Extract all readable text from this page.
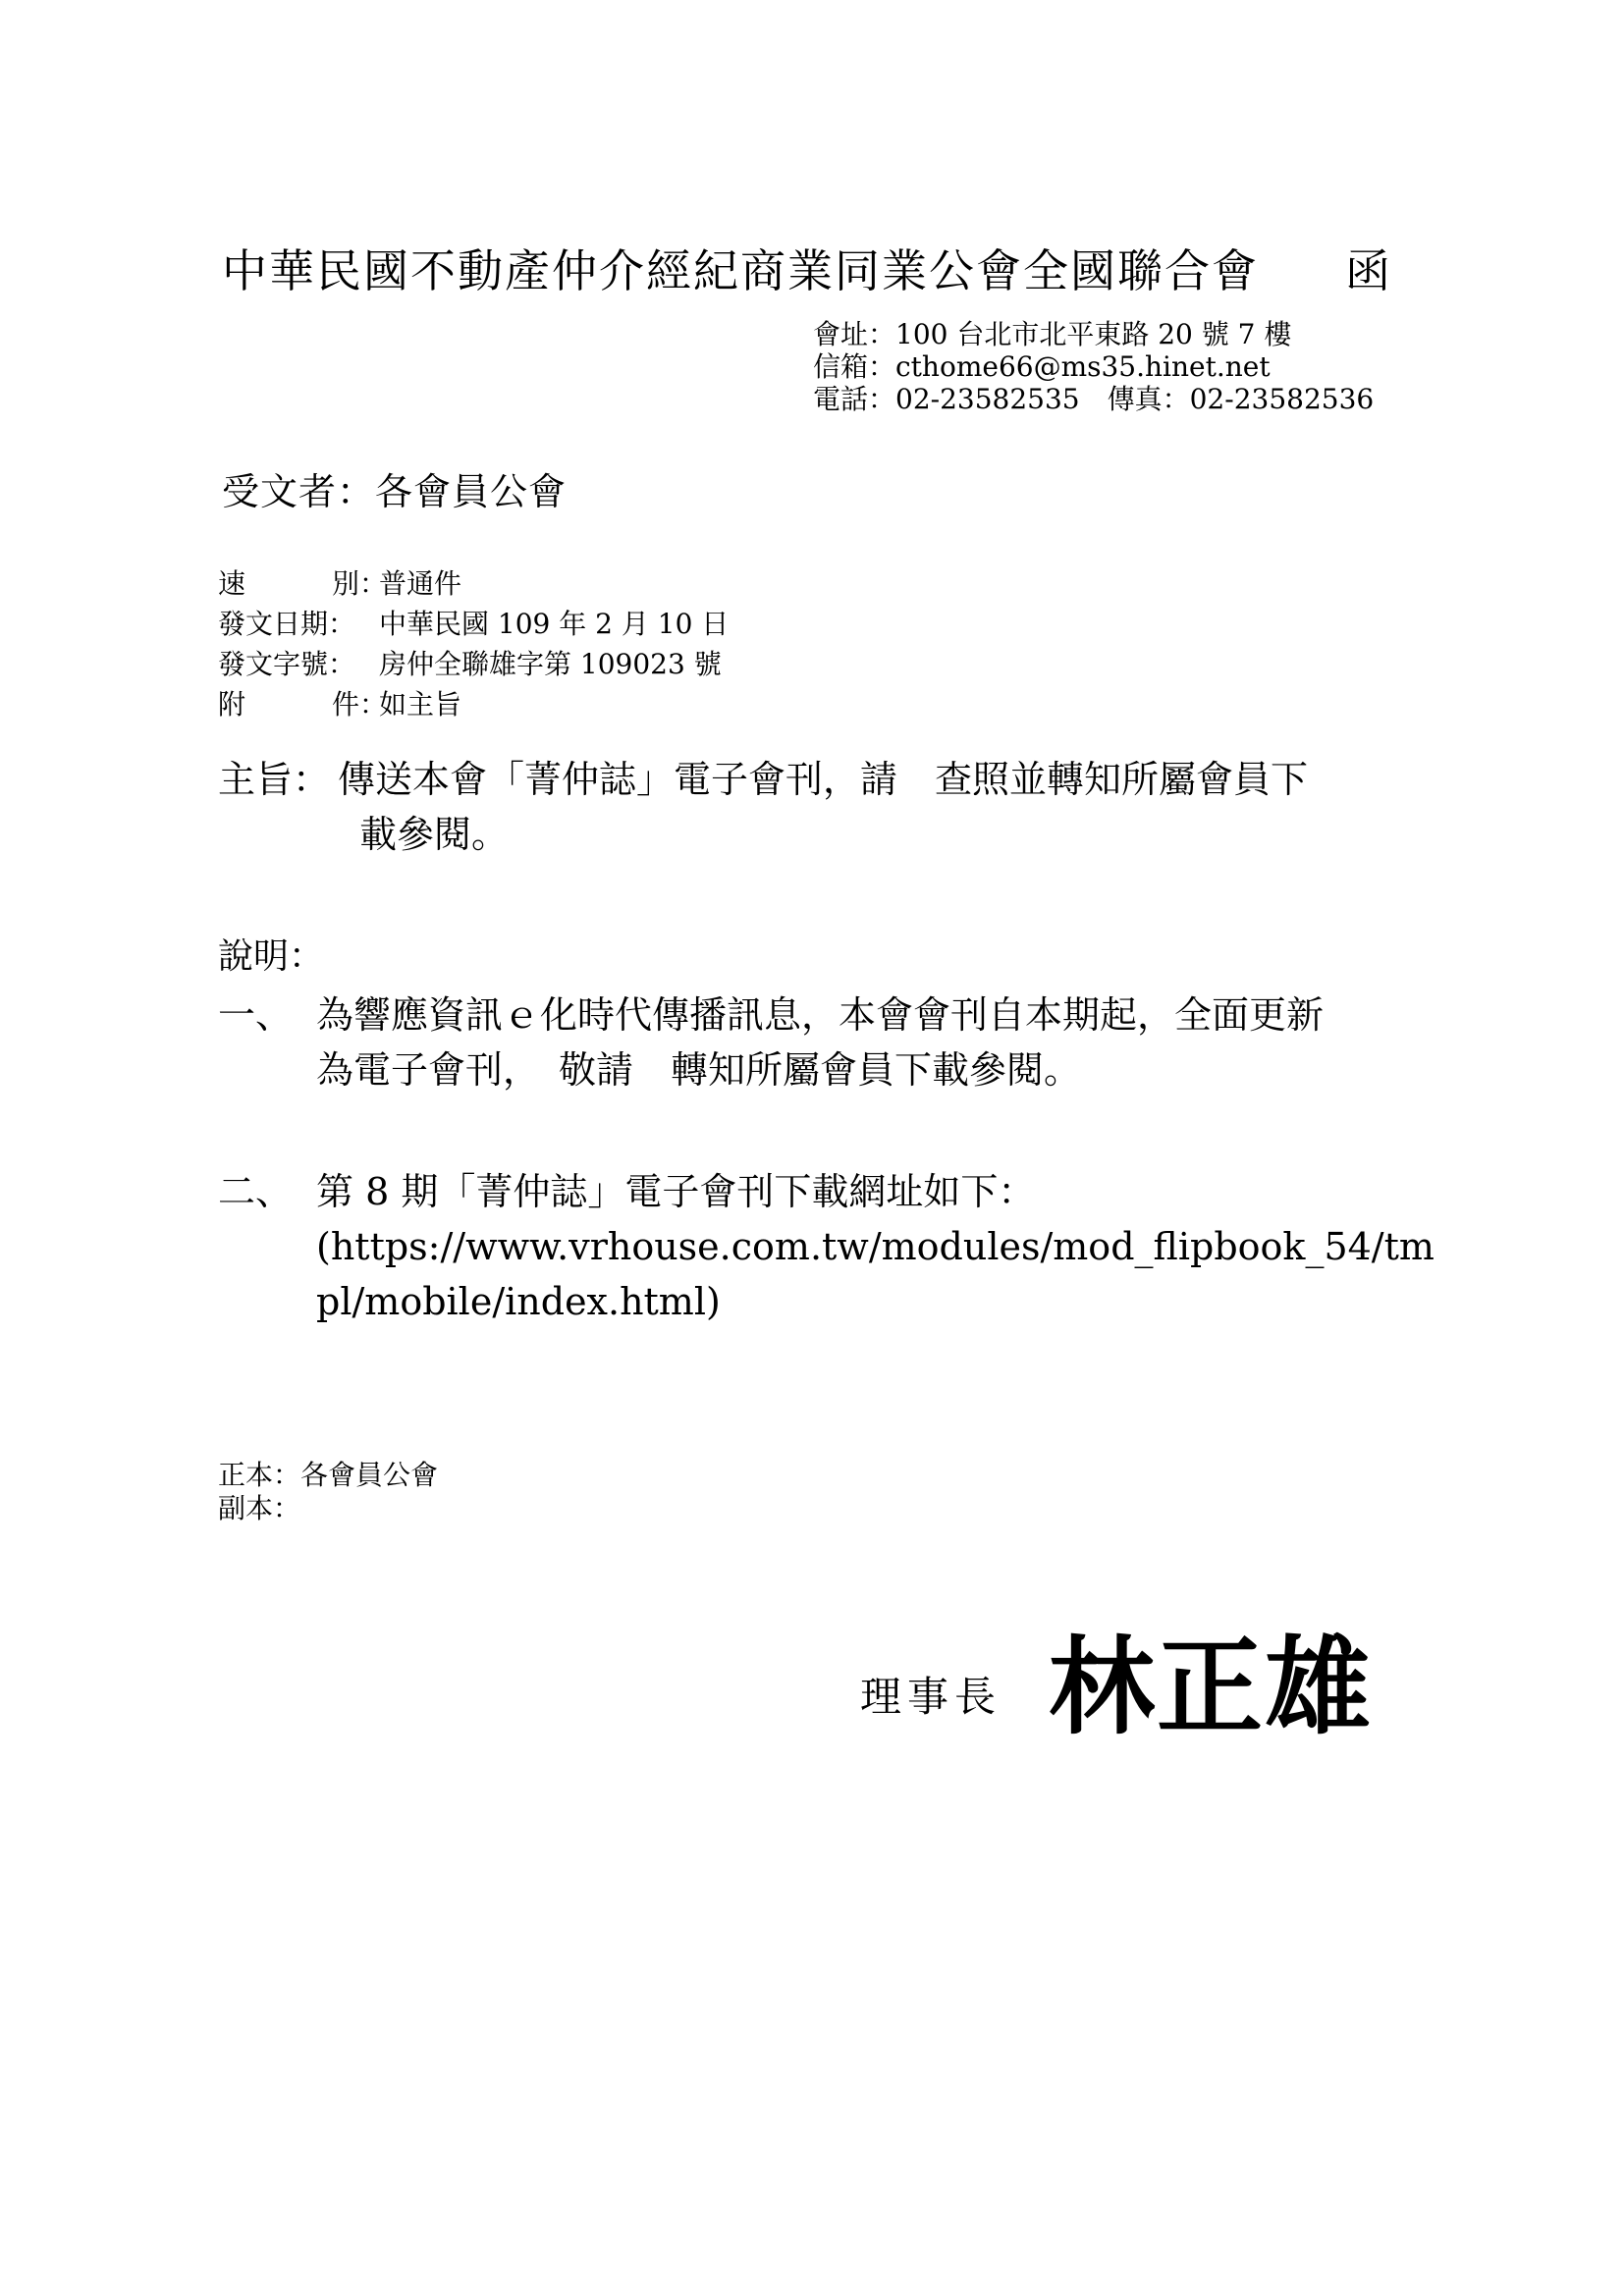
中華民國不動產仲介經紀商業同業公會全國聯合會 函
會址：100 台北市北平東路 20 號 7 樓
信箱：cthome66@ms35.hinet.net
電話：02-23582535　傳真：02-23582536
受文者：各會員公會
速	別：
普通件
發文日期： 中華民國 109 年 2 月 10 日
發文字號： 房仲全聯雄字第 109023 號
附	件：
如主旨
主旨： 傳送本會「菁仲誌」電子會刊，請　查照並轉知所屬會員下
載參閱。
說明：
一、 為響應資訊ｅ化時代傳播訊息，本會會刊自本期起，全面更新
為電子會刊，　敬請　轉知所屬會員下載參閱。
二、 第 8 期「菁仲誌」電子會刊下載網址如下：
(https://www.vrhouse.com.tw/modules/mod_flipbook_54/tm
pl/mobile/index.html)
正本：各會員公會
副本：
理事長 林正雄
